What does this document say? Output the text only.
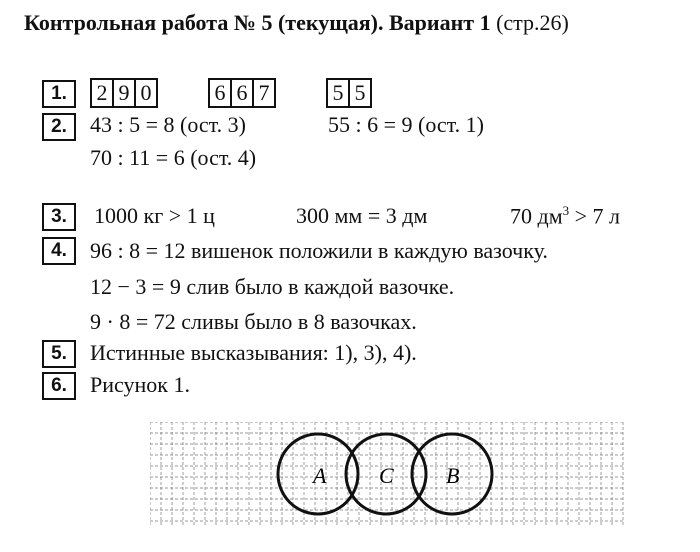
Контрольная работа № 5 (текущая). Вариант 1 (стр.26)
1.	2 9 0	6 6 7	5 5
2.	43 : 5 = 8 (ост. 3)	55 : 6 = 9 (ост. 1)
70 : 11 = 6 (ост. 4)
3.	1000 кг > 1 ц	300 мм = 3 дм	70 $дм^3 > 7$ л
4.	96 : 8 = 12 вишенок положили в каждую вазочку.
12 − 3 = 9 слив было в каждой вазочке.
9 · 8 = 72 сливы было в 8 вазочках.
5.	Истинные высказывания: 1), 3), 4).
6.	Рисунок 1.
A C B
